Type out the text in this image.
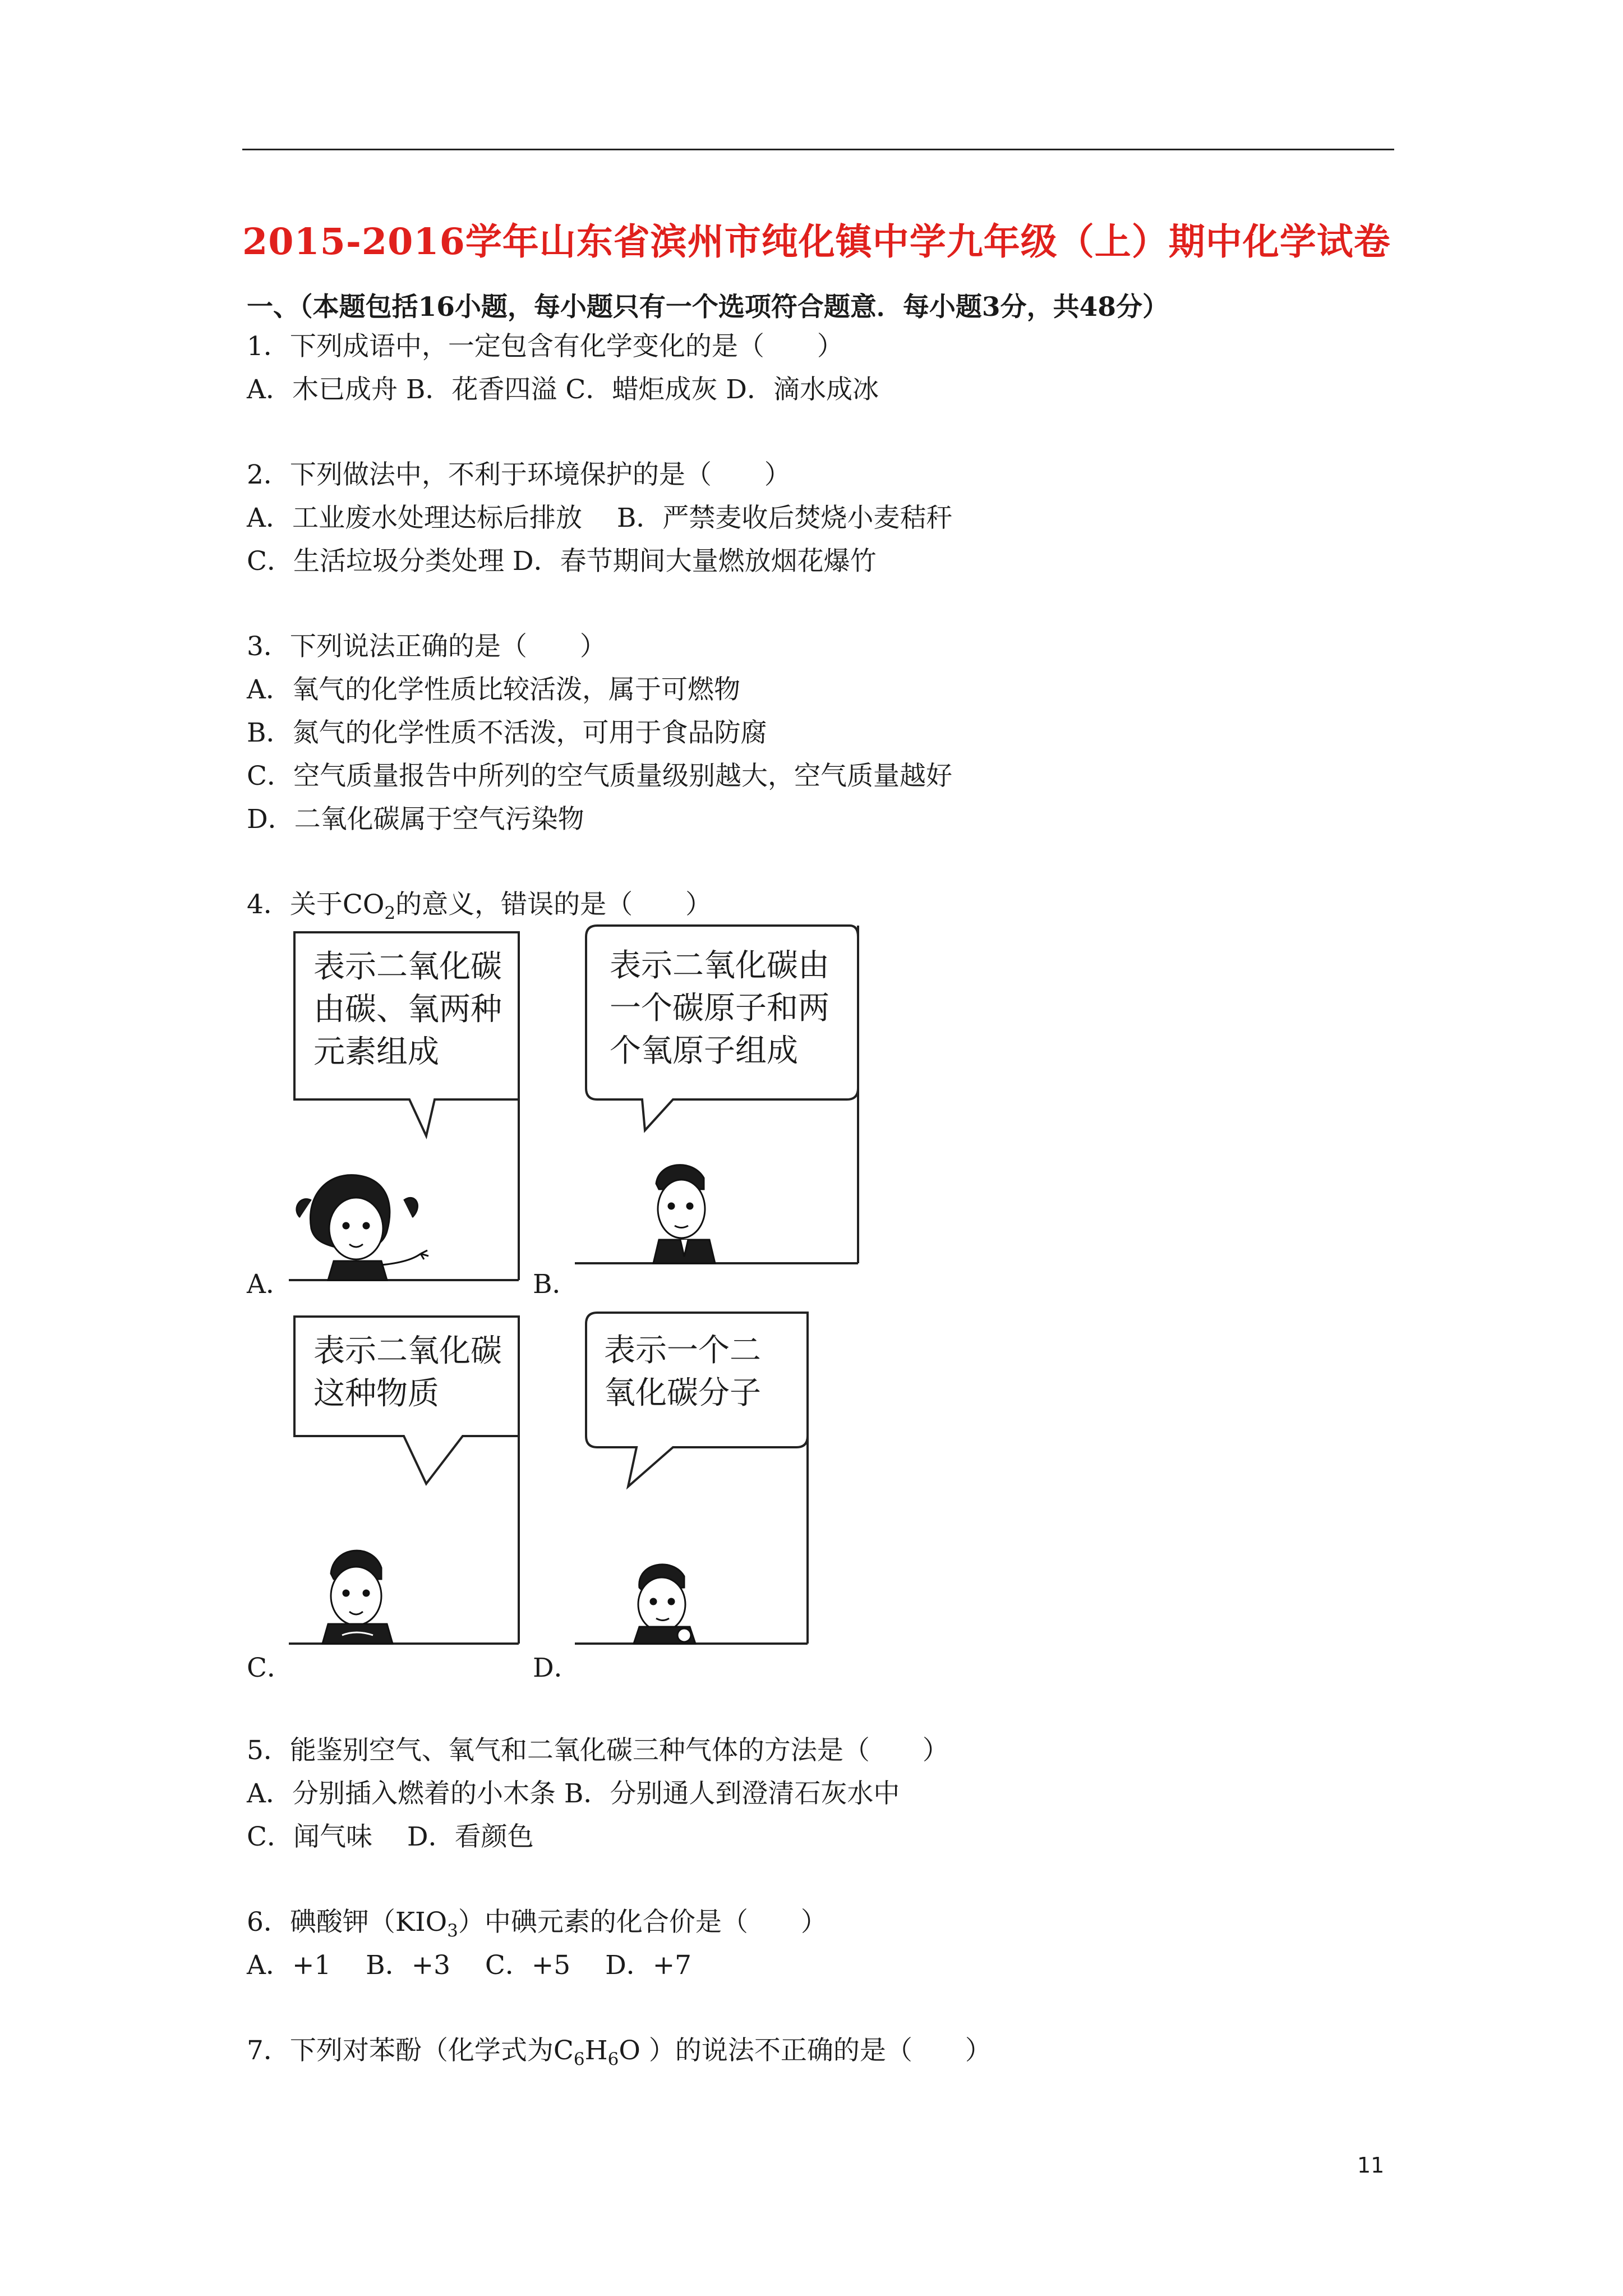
2015-2016学年山东省滨州市纯化镇中学九年级（上）期中化学试卷
一、（本题包括16小题，每小题只有一个选项符合题意．每小题3分，共48分）
1．下列成语中，一定包含有化学变化的是（　　）
A．木已成舟 B．花香四溢 C．蜡炬成灰 D．滴水成冰
2．下列做法中，不利于环境保护的是（　　）
A．工业废水处理达标后排放　 B．严禁麦收后焚烧小麦秸秆
C．生活垃圾分类处理 D．春节期间大量燃放烟花爆竹
3．下列说法正确的是（　　）
A．氧气的化学性质比较活泼，属于可燃物
B．氮气的化学性质不活泼，可用于食品防腐
C．空气质量报告中所列的空气质量级别越大，空气质量越好
D．二氧化碳属于空气污染物
4．关于$CO_2$的意义，错误的是（　　）
表示二氧化碳
由碳、氧两种
元素组成
A．
表示二氧化碳由
一个碳原子和两
个氧原子组成
B．
表示二氧化碳
这种物质
C．
表示一个二
氧化碳分子
D．
5．能鉴别空气、氧气和二氧化碳三种气体的方法是（　　）
A．分别插入燃着的小木条 B．分别通人到澄清石灰水中
C．闻气味　 D．看颜色
6．碘酸钾$(KIO_3)$中碘元素的化合价是（　　）
A．+1　 B．+3　 C．+5　 D．+7
7．下列对苯酚（化学式为$C_6H_6O$ ）的说法不正确的是（　　）
11
